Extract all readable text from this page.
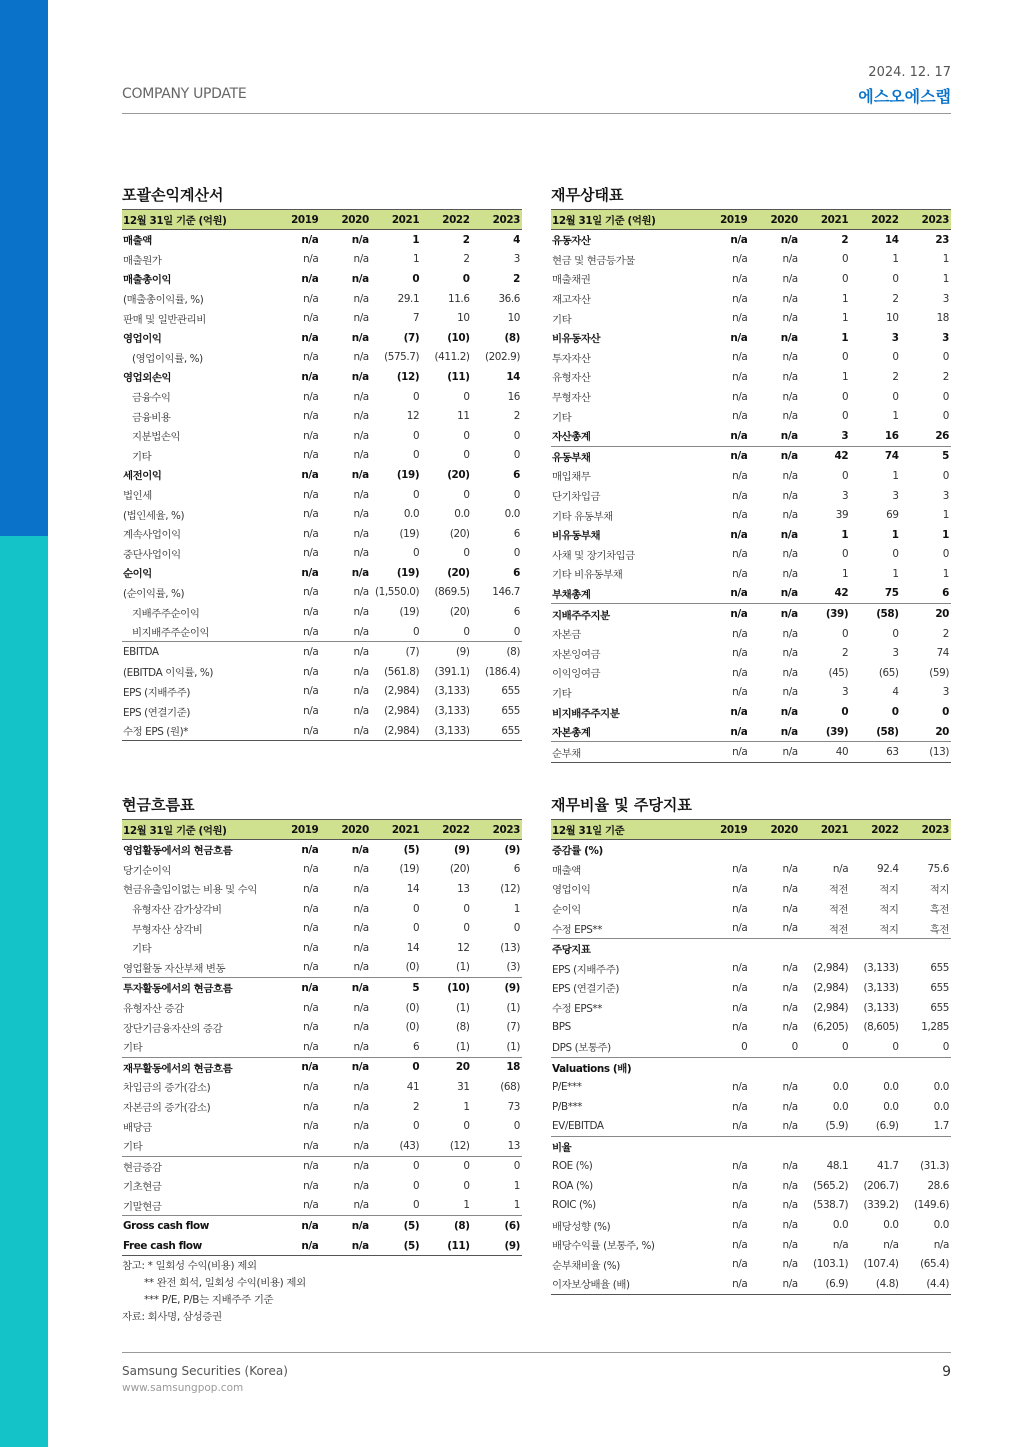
COMPANY UPDATE
2024. 12. 17
에스오에스랩
포괄손익계산서
12월 31일 기준 (억원)	2019	2020	2021	2022	2023
매출액	n/a	n/a	1	2	4
매출원가	n/a	n/a	1	2	3
매출총이익	n/a	n/a	0	0	2
(매출총이익률, %)	n/a	n/a	29.1	11.6	36.6
판매 및 일반관리비	n/a	n/a	7	10	10
영업이익	n/a	n/a	(7)	(10)	(8)
(영업이익률, %)	n/a	n/a	(575.7)	(411.2)	(202.9)
영업외손익	n/a	n/a	(12)	(11)	14
금융수익	n/a	n/a	0	0	16
금융비용	n/a	n/a	12	11	2
지분법손익	n/a	n/a	0	0	0
기타	n/a	n/a	0	0	0
세전이익	n/a	n/a	(19)	(20)	6
법인세	n/a	n/a	0	0	0
(법인세율, %)	n/a	n/a	0.0	0.0	0.0
계속사업이익	n/a	n/a	(19)	(20)	6
중단사업이익	n/a	n/a	0	0	0
순이익	n/a	n/a	(19)	(20)	6
(순이익률, %)	n/a	n/a	(1,550.0)	(869.5)	146.7
지배주주순이익	n/a	n/a	(19)	(20)	6
비지배주주순이익	n/a	n/a	0	0	0
EBITDA	n/a	n/a	(7)	(9)	(8)
(EBITDA 이익률, %)	n/a	n/a	(561.8)	(391.1)	(186.4)
EPS (지배주주)	n/a	n/a	(2,984)	(3,133)	655
EPS (연결기준)	n/a	n/a	(2,984)	(3,133)	655
수정 EPS (원)*	n/a	n/a	(2,984)	(3,133)	655
재무상태표
12월 31일 기준 (억원)	2019	2020	2021	2022	2023
유동자산	n/a	n/a	2	14	23
현금 및 현금등가물	n/a	n/a	0	1	1
매출채권	n/a	n/a	0	0	1
재고자산	n/a	n/a	1	2	3
기타	n/a	n/a	1	10	18
비유동자산	n/a	n/a	1	3	3
투자자산	n/a	n/a	0	0	0
유형자산	n/a	n/a	1	2	2
무형자산	n/a	n/a	0	0	0
기타	n/a	n/a	0	1	0
자산총계	n/a	n/a	3	16	26
유동부채	n/a	n/a	42	74	5
매입채무	n/a	n/a	0	1	0
단기차입금	n/a	n/a	3	3	3
기타 유동부채	n/a	n/a	39	69	1
비유동부채	n/a	n/a	1	1	1
사채 및 장기차입금	n/a	n/a	0	0	0
기타 비유동부채	n/a	n/a	1	1	1
부채총계	n/a	n/a	42	75	6
지배주주지분	n/a	n/a	(39)	(58)	20
자본금	n/a	n/a	0	0	2
자본잉여금	n/a	n/a	2	3	74
이익잉여금	n/a	n/a	(45)	(65)	(59)
기타	n/a	n/a	3	4	3
비지배주주지분	n/a	n/a	0	0	0
자본총계	n/a	n/a	(39)	(58)	20
순부채	n/a	n/a	40	63	(13)
현금흐름표
12월 31일 기준 (억원)	2019	2020	2021	2022	2023
영업활동에서의 현금흐름	n/a	n/a	(5)	(9)	(9)
당기순이익	n/a	n/a	(19)	(20)	6
현금유출입이없는 비용 및 수익	n/a	n/a	14	13	(12)
유형자산 감가상각비	n/a	n/a	0	0	1
무형자산 상각비	n/a	n/a	0	0	0
기타	n/a	n/a	14	12	(13)
영업활동 자산부채 변동	n/a	n/a	(0)	(1)	(3)
투자활동에서의 현금흐름	n/a	n/a	5	(10)	(9)
유형자산 증감	n/a	n/a	(0)	(1)	(1)
장단기금융자산의 증감	n/a	n/a	(0)	(8)	(7)
기타	n/a	n/a	6	(1)	(1)
재무활동에서의 현금흐름	n/a	n/a	0	20	18
차입금의 증가(감소)	n/a	n/a	41	31	(68)
자본금의 증가(감소)	n/a	n/a	2	1	73
배당금	n/a	n/a	0	0	0
기타	n/a	n/a	(43)	(12)	13
현금증감	n/a	n/a	0	0	0
기초현금	n/a	n/a	0	0	1
기말현금	n/a	n/a	0	1	1
Gross cash flow	n/a	n/a	(5)	(8)	(6)
Free cash flow	n/a	n/a	(5)	(11)	(9)
재무비율 및 주당지표
12월 31일 기준	2019	2020	2021	2022	2023
증감률 (%)					
매출액	n/a	n/a	n/a	92.4	75.6
영업이익	n/a	n/a	적전	적지	적지
순이익	n/a	n/a	적전	적지	흑전
수정 EPS**	n/a	n/a	적전	적지	흑전
주당지표					
EPS (지배주주)	n/a	n/a	(2,984)	(3,133)	655
EPS (연결기준)	n/a	n/a	(2,984)	(3,133)	655
수정 EPS**	n/a	n/a	(2,984)	(3,133)	655
BPS	n/a	n/a	(6,205)	(8,605)	1,285
DPS (보통주)	0	0	0	0	0
Valuations (배)					
P/E***	n/a	n/a	0.0	0.0	0.0
P/B***	n/a	n/a	0.0	0.0	0.0
EV/EBITDA	n/a	n/a	(5.9)	(6.9)	1.7
비율					
ROE (%)	n/a	n/a	48.1	41.7	(31.3)
ROA (%)	n/a	n/a	(565.2)	(206.7)	28.6
ROIC (%)	n/a	n/a	(538.7)	(339.2)	(149.6)
배당성향 (%)	n/a	n/a	0.0	0.0	0.0
배당수익률 (보통주, %)	n/a	n/a	n/a	n/a	n/a
순부채비율 (%)	n/a	n/a	(103.1)	(107.4)	(65.4)
이자보상배율 (배)	n/a	n/a	(6.9)	(4.8)	(4.4)
참고: * 일회성 수익(비용) 제외
** 완전 희석, 일회성 수익(비용) 제외
*** P/E, P/B는 지배주주 기준
자료: 회사명, 삼성증권
Samsung Securities (Korea)
www.samsungpop.com
9
